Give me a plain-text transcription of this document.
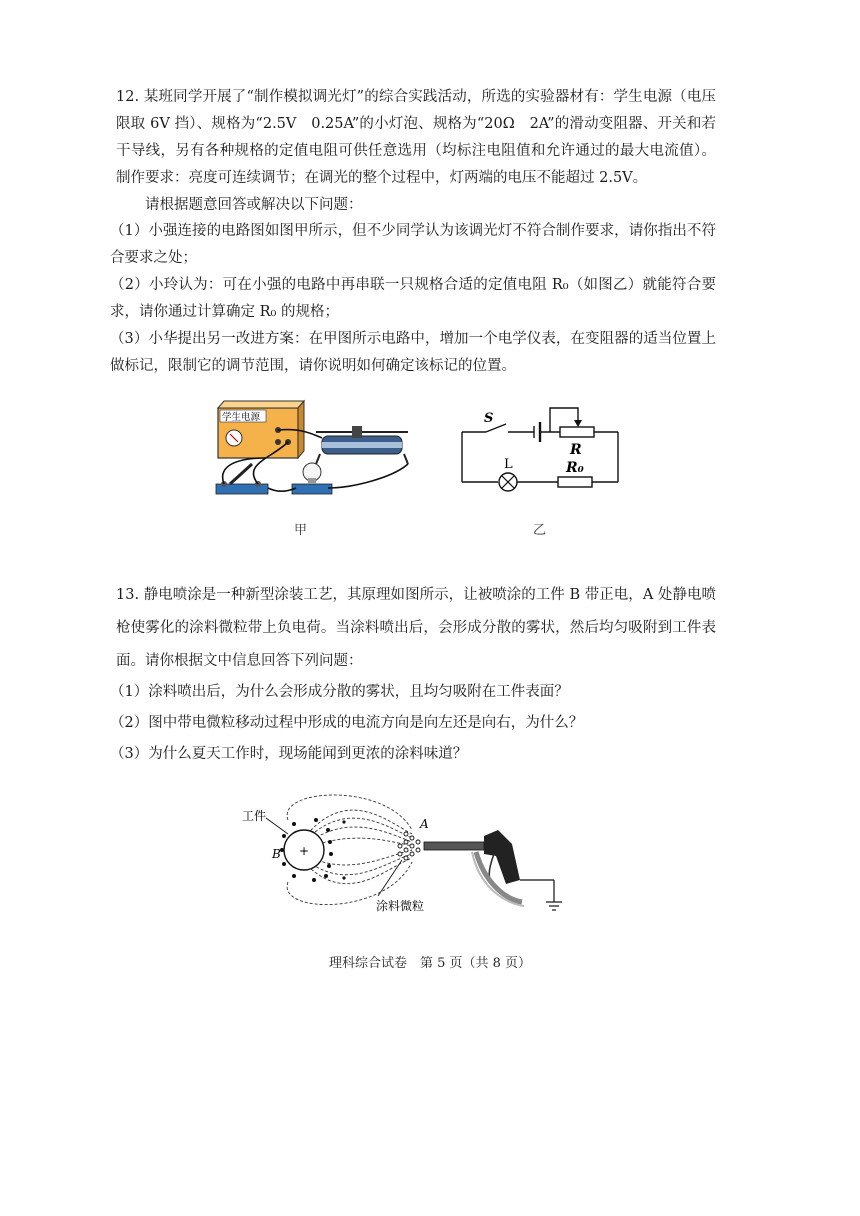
12. 某班同学开展了“制作模拟调光灯”的综合实践活动，所选的实验器材有：学生电源（电压限取 6V 挡）、规格为“2.5V　0.25A”的小灯泡、规格为“20Ω　2A”的滑动变阻器、开关和若干导线，另有各种规格的定值电阻可供任意选用（均标注电阻值和允许通过的最大电流值）。制作要求：亮度可连续调节；在调光的整个过程中，灯两端的电压不能超过 2.5V。

请根据题意回答或解决以下问题：

（1）小强连接的电路图如图甲所示，但不少同学认为该调光灯不符合制作要求，请你指出不符合要求之处；

（2）小玲认为：可在小强的电路中再串联一只规格合适的定值电阻 R₀（如图乙）就能符合要求，请你通过计算确定 R₀ 的规格；

（3）小华提出另一改进方案：在甲图所示电路中，增加一个电学仪表，在变阻器的适当位置上做标记，限制它的调节范围，请你说明如何确定该标记的位置。

学生电源
甲
S
R
L	R₀
乙

13. 静电喷涂是一种新型涂装工艺，其原理如图所示，让被喷涂的工件 B 带正电，A 处静电喷枪使雾化的涂料微粒带上负电荷。当涂料喷出后，会形成分散的雾状，然后均匀吸附到工件表面。请你根据文中信息回答下列问题：

（1）涂料喷出后，为什么会形成分散的雾状，且均匀吸附在工件表面？

（2）图中带电微粒移动过程中形成的电流方向是向左还是向右，为什么？

（3）为什么夏天工作时，现场能闻到更浓的涂料味道？

+
工件
B
A
涂料微粒
理科综合试卷　第 5 页（共 8 页）
